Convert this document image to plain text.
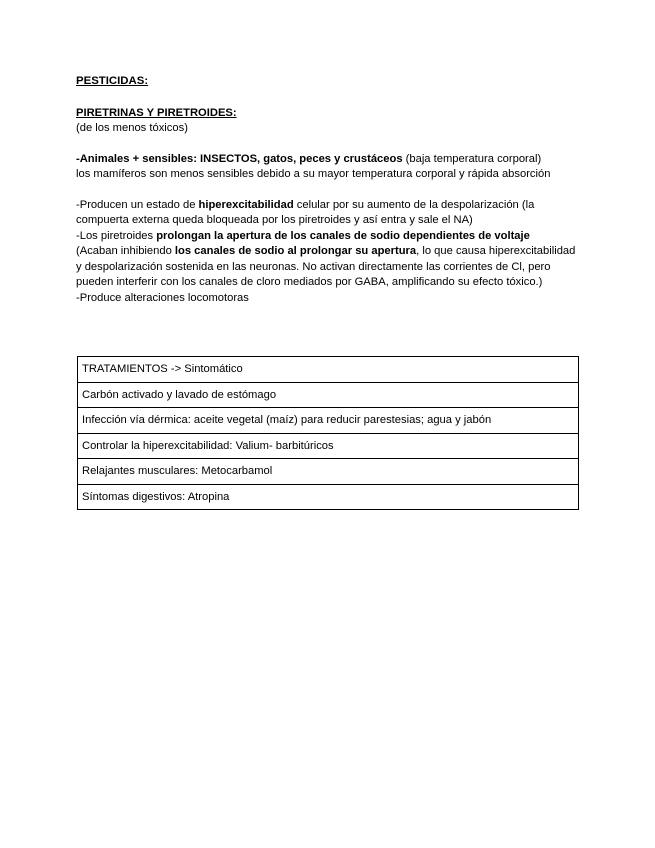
PESTICIDAS:

PIRETRINAS Y PIRETROIDES:

(de los menos tóxicos)

-Animales + sensibles: INSECTOS, gatos, peces y crustáceos (baja temperatura corporal)

los mamíferos son menos sensibles debido a su mayor temperatura corporal y rápida absorción

-Producen un estado de hiperexcitabilidad celular por su aumento de la despolarización (la compuerta externa queda bloqueada por los piretroides y así entra y sale el NA)

-Los piretroides prolongan la apertura de los canales de sodio dependientes de voltaje

(Acaban inhibiendo los canales de sodio al prolongar su apertura, lo que causa hiperexcitabilidad y despolarización sostenida en las neuronas. No activan directamente las corrientes de Cl, pero pueden interferir con los canales de cloro mediados por GABA, amplificando su efecto tóxico.)

-Produce alteraciones locomotoras

TRATAMIENTOS -> Sintomático
Carbón activado y lavado de estómago
Infección vía dérmica: aceite vegetal (maíz) para reducir parestesias; agua y jabón
Controlar la hiperexcitabilidad: Valium- barbitúricos
Relajantes musculares: Metocarbamol
Síntomas digestivos: Atropina
